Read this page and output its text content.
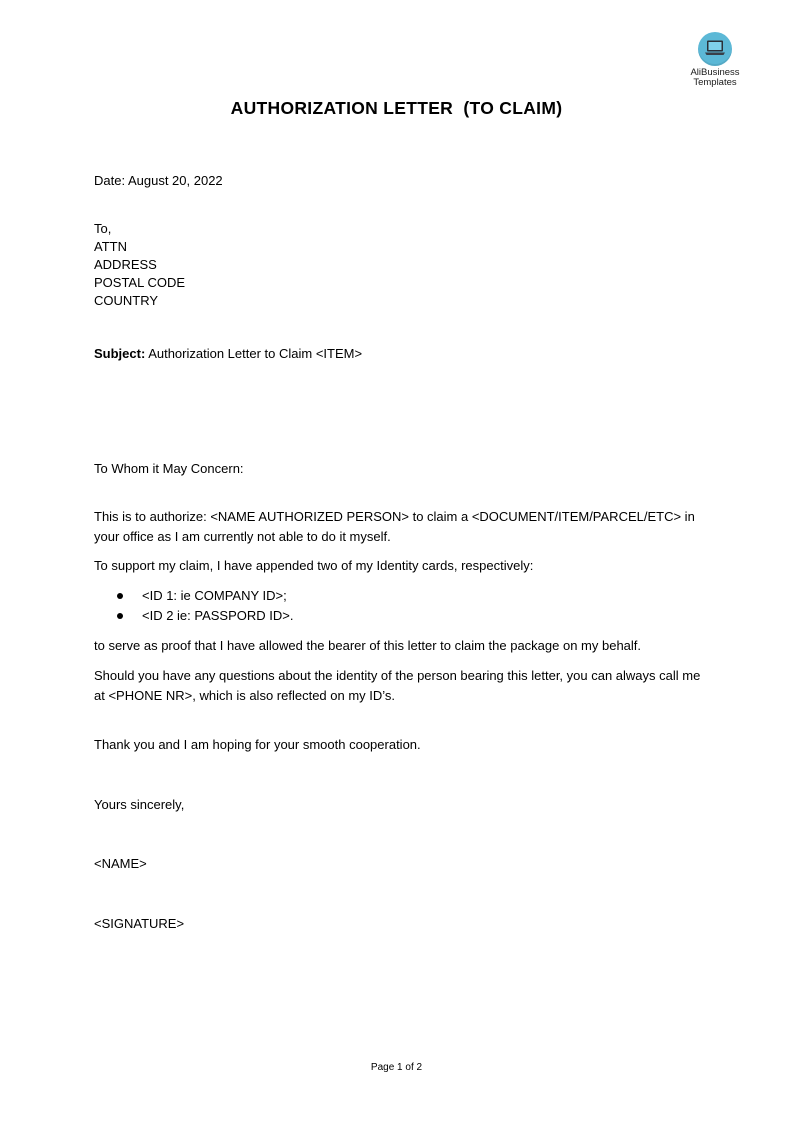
AliBusiness
Templates
AUTHORIZATION LETTER  (TO CLAIM)
Date: August 20, 2022
To,
ATTN
ADDRESS
POSTAL CODE
COUNTRY
Subject: Authorization Letter to Claim <ITEM>
To Whom it May Concern:
This is to authorize: <NAME AUTHORIZED PERSON> to claim a <DOCUMENT/ITEM/PARCEL/ETC> in your office as I am currently not able to do it myself.
To support my claim, I have appended two of my Identity cards, respectively:
<ID 1: ie COMPANY ID>;
<ID 2 ie: PASSPORD ID>.
to serve as proof that I have allowed the bearer of this letter to claim the package on my behalf.
Should you have any questions about the identity of the person bearing this letter, you can always call me at <PHONE NR>, which is also reflected on my ID’s.
Thank you and I am hoping for your smooth cooperation.
Yours sincerely,
<NAME>
<SIGNATURE>
Page 1 of 2
